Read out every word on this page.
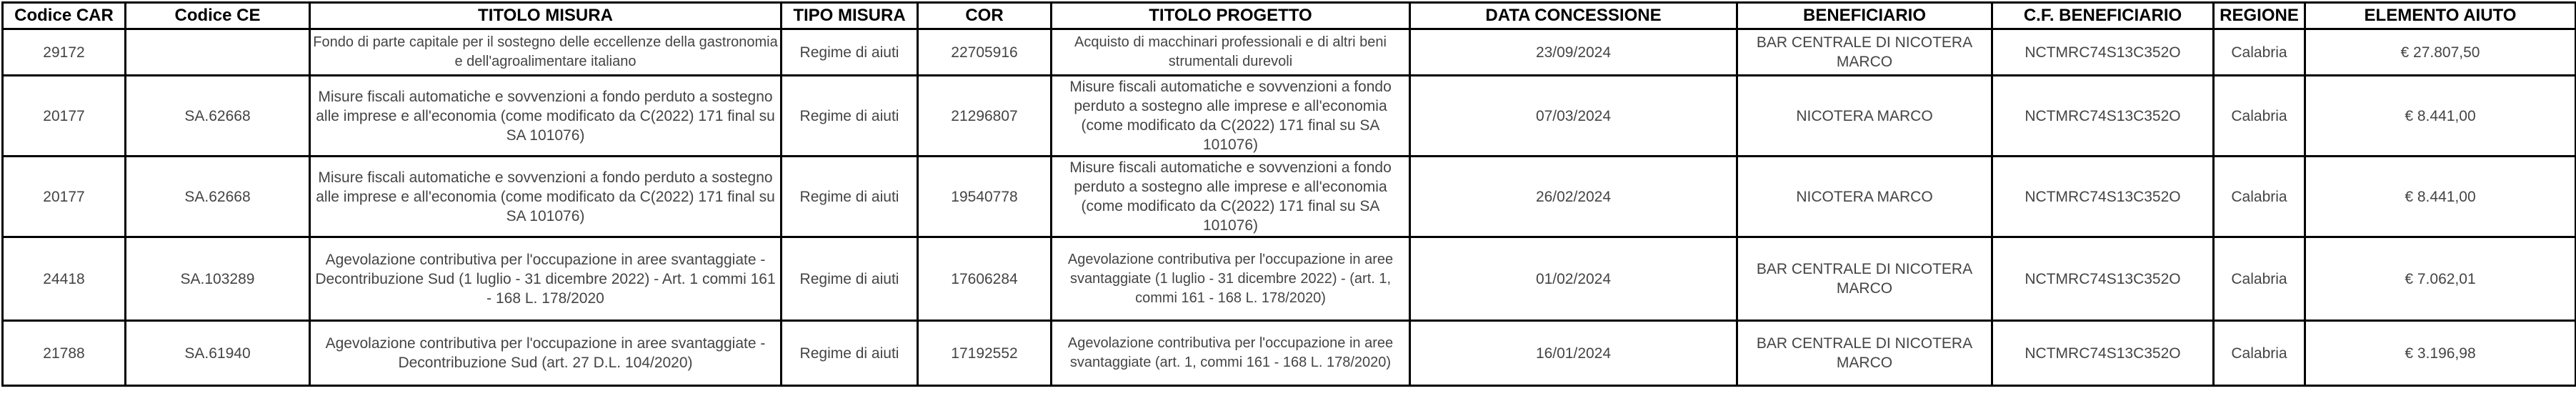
Codice CAR	Codice CE	TITOLO MISURA	TIPO MISURA	COR	TITOLO PROGETTO	DATA CONCESSIONE	BENEFICIARIO	C.F. BENEFICIARIO	REGIONE	ELEMENTO AIUTO
29172		Fondo di parte capitale per il sostegno delle eccellenze della gastronomia e dell'agroalimentare italiano	Regime di aiuti	22705916	Acquisto di macchinari professionali e di altri beni strumentali durevoli	23/09/2024	BAR CENTRALE DI NICOTERA MARCO	NCTMRC74S13C352O	Calabria	€ 27.807,50
20177	SA.62668	Misure fiscali automatiche e sovvenzioni a fondo perduto a sostegno alle imprese e all'economia (come modificato da C(2022) 171 final su SA 101076)	Regime di aiuti	21296807	Misure fiscali automatiche e sovvenzioni a fondo perduto a sostegno alle imprese e all'economia (come modificato da C(2022) 171 final su SA 101076)	07/03/2024	NICOTERA MARCO	NCTMRC74S13C352O	Calabria	€ 8.441,00
20177	SA.62668	Misure fiscali automatiche e sovvenzioni a fondo perduto a sostegno alle imprese e all'economia (come modificato da C(2022) 171 final su SA 101076)	Regime di aiuti	19540778	Misure fiscali automatiche e sovvenzioni a fondo perduto a sostegno alle imprese e all'economia (come modificato da C(2022) 171 final su SA 101076)	26/02/2024	NICOTERA MARCO	NCTMRC74S13C352O	Calabria	€ 8.441,00
24418	SA.103289	Agevolazione contributiva per l'occupazione in aree svantaggiate - Decontribuzione Sud (1 luglio - 31 dicembre 2022) - Art. 1 commi 161 - 168 L. 178/2020	Regime di aiuti	17606284	Agevolazione contributiva per l'occupazione in aree svantaggiate (1 luglio - 31 dicembre 2022) - (art. 1, commi 161 - 168 L. 178/2020)	01/02/2024	BAR CENTRALE DI NICOTERA MARCO	NCTMRC74S13C352O	Calabria	€ 7.062,01
21788	SA.61940	Agevolazione contributiva per l'occupazione in aree svantaggiate - Decontribuzione Sud (art. 27 D.L. 104/2020)	Regime di aiuti	17192552	Agevolazione contributiva per l'occupazione in aree svantaggiate (art. 1, commi 161 - 168 L. 178/2020)	16/01/2024	BAR CENTRALE DI NICOTERA MARCO	NCTMRC74S13C352O	Calabria	€ 3.196,98
